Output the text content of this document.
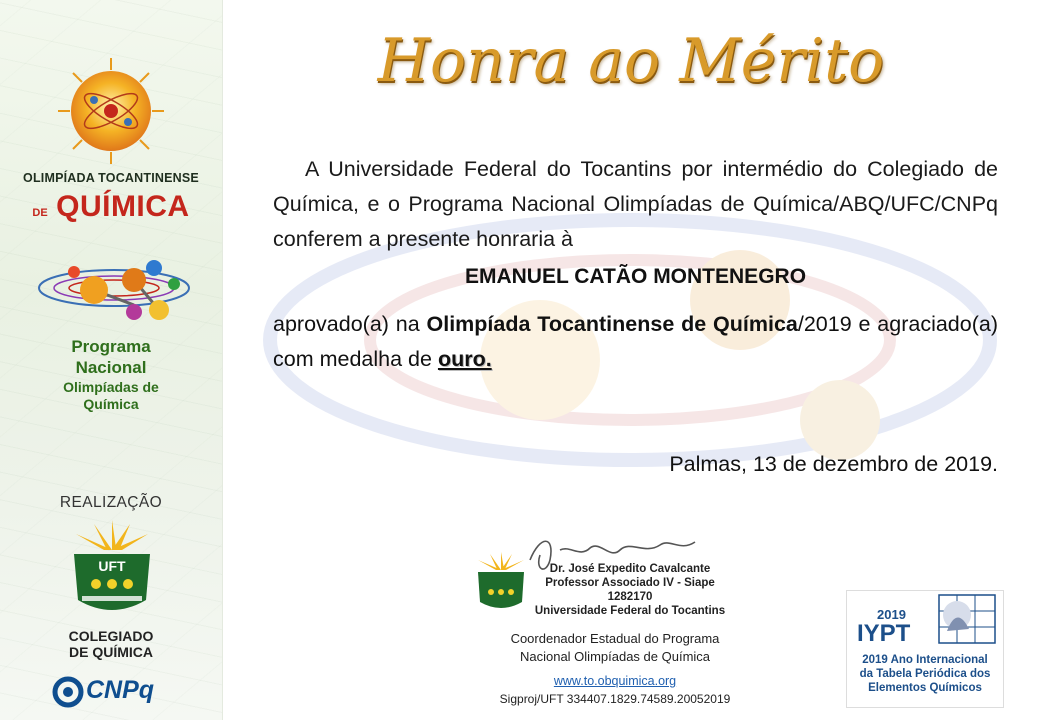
OLIMPÍADA TOCANTINENSE
DE QUÍMICA
Programa
Nacional
Olimpíadas de
Química
REALIZAÇÃO
UFT
COLEGIADO
DE QUÍMICA
CNPq
Honra ao Mérito

A Universidade Federal do Tocantins por intermédio do Colegiado de Química, e o Programa Nacional Olimpíadas de Química/ABQ/UFC/CNPq conferem a presente honraria à

EMANUEL CATÃO MONTENEGRO
aprovado(a) na Olimpíada Tocantinense de Química/2019 e agraciado(a) com medalha de ouro.
Palmas, 13 de dezembro de 2019.
Dr. José Expedito Cavalcante
Professor Associado IV - Siape 1282170
Universidade Federal do Tocantins
Coordenador Estadual do Programa
Nacional Olimpíadas de Química
www.to.obquimica.org
Sigproj/UFT 334407.1829.74589.20052019
2019
IYPT
2019 Ano Internacional
da Tabela Periódica dos
Elementos Químicos
